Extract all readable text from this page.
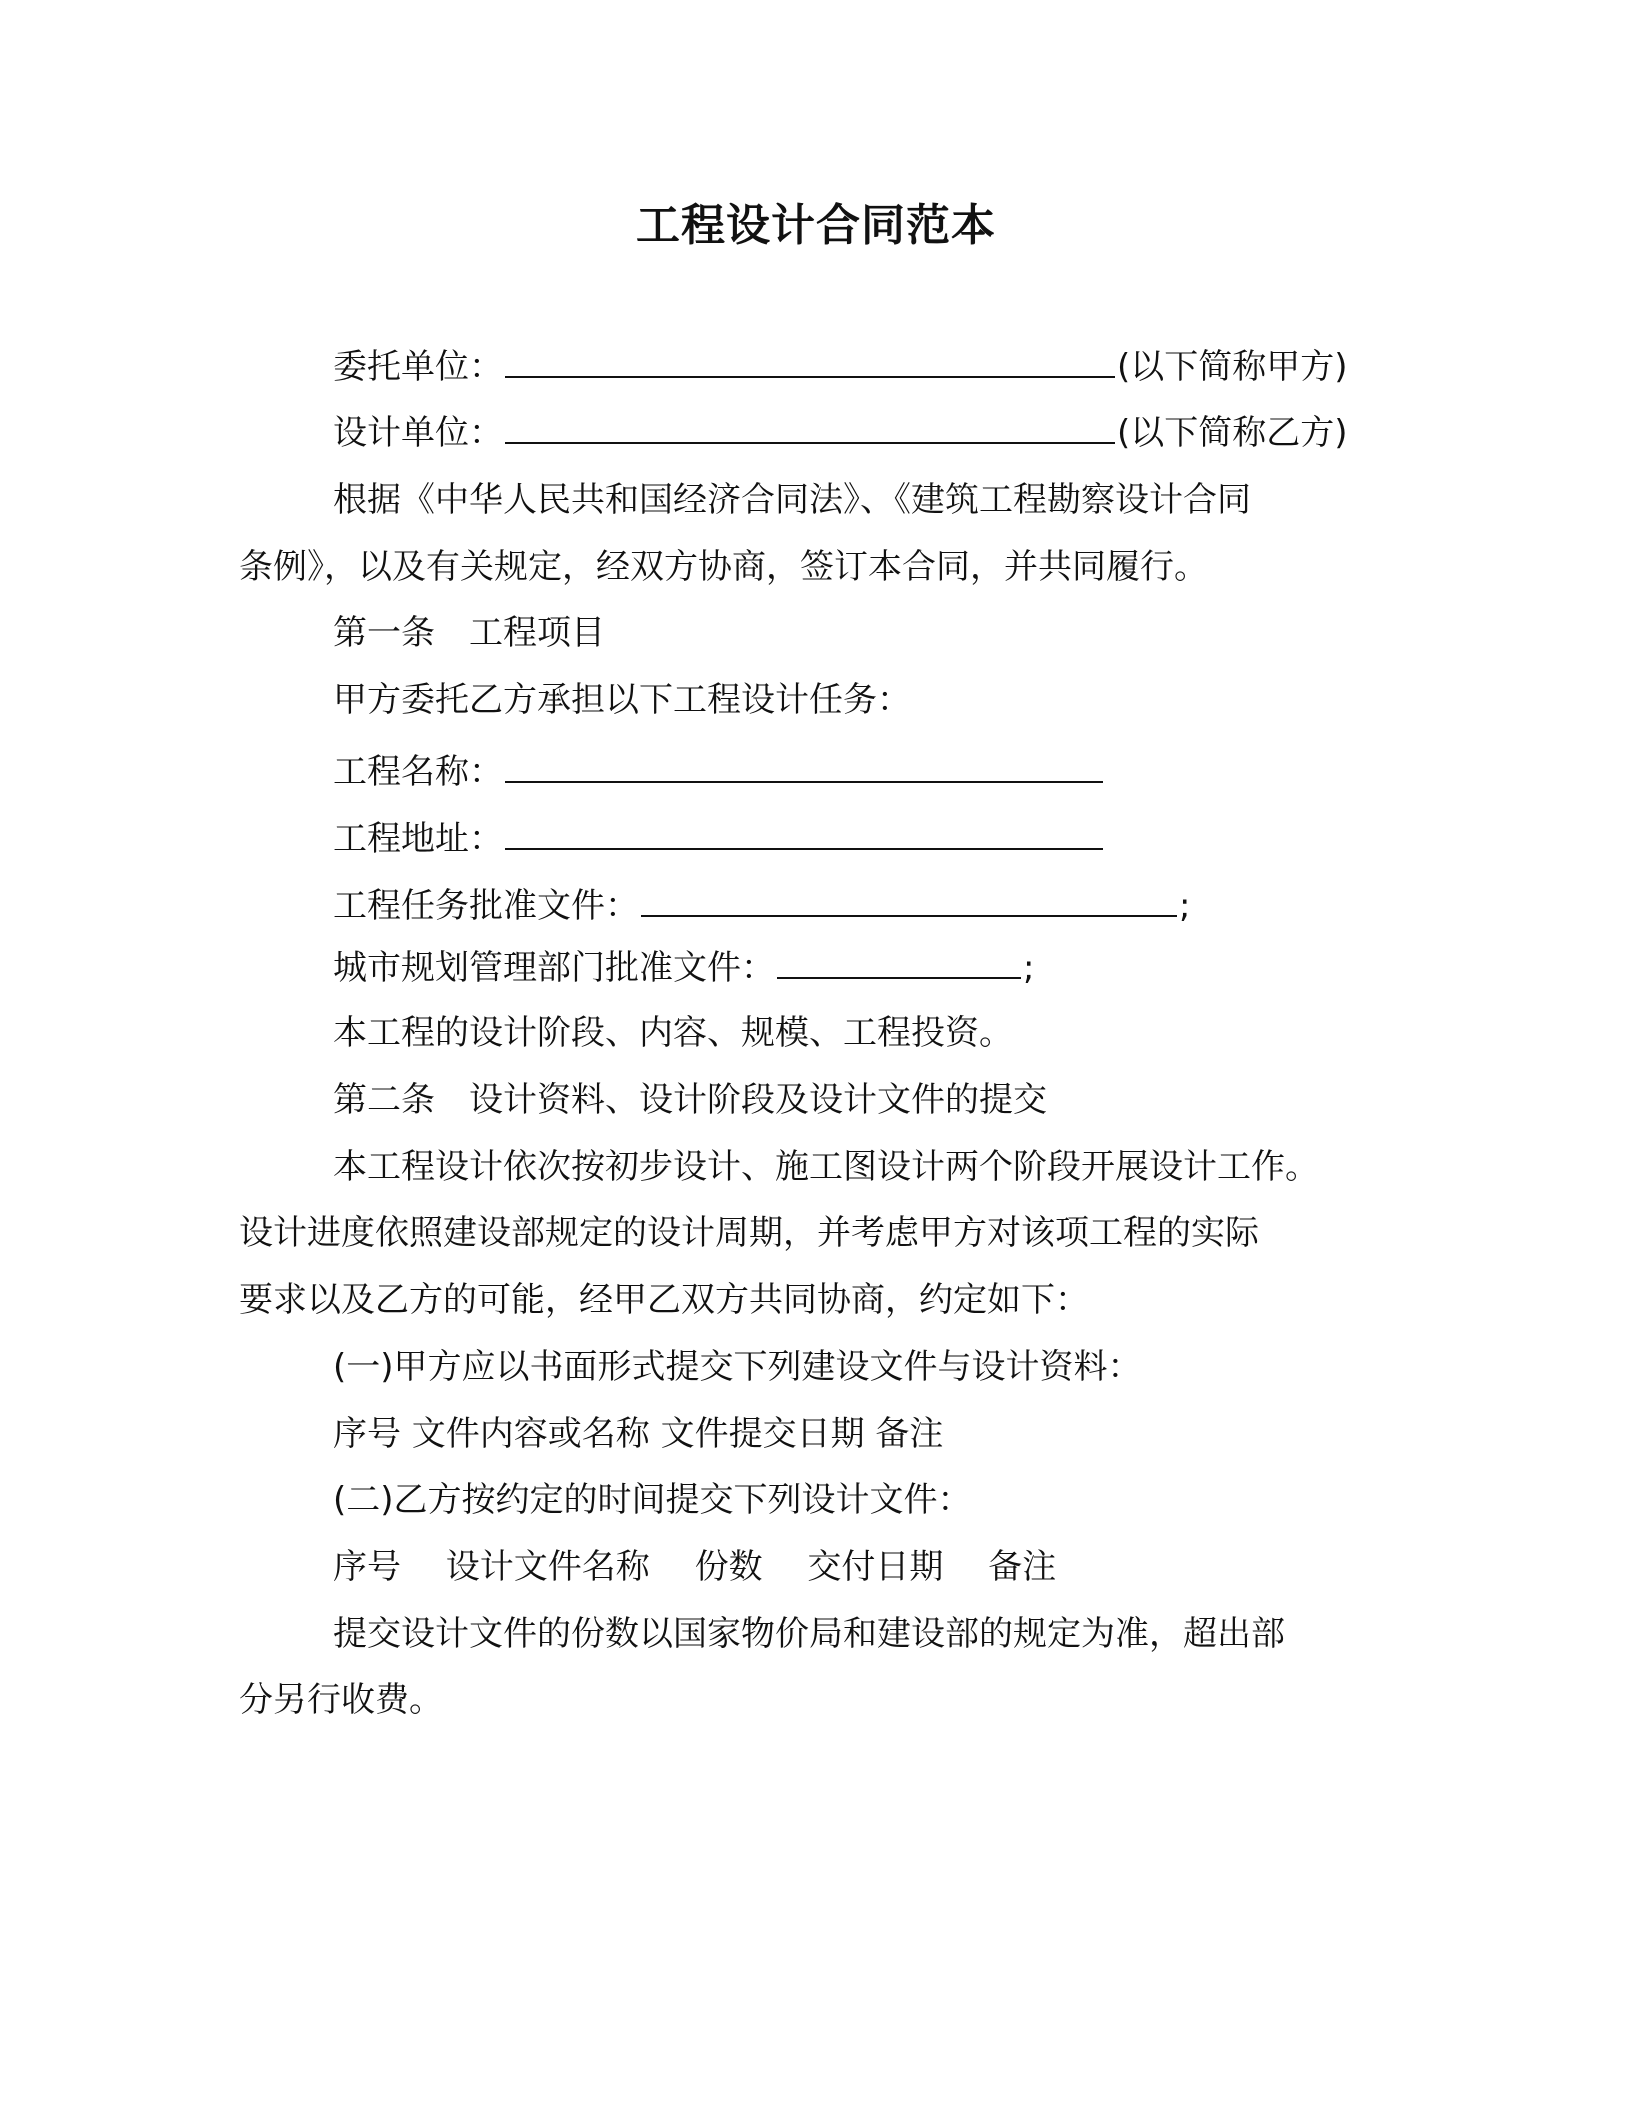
工程设计合同范本
委托单位：	(以下简称甲方)
设计单位：	(以下简称乙方)
根据《中华人民共和国经济合同法》、《建筑工程勘察设计合同
条例》，以及有关规定，经双方协商，签订本合同，并共同履行。
第一条　工程项目
甲方委托乙方承担以下工程设计任务：
工程名称：
工程地址：
工程任务批准文件：	;
城市规划管理部门批准文件：	;
本工程的设计阶段、内容、规模、工程投资。
第二条　设计资料、设计阶段及设计文件的提交
本工程设计依次按初步设计、施工图设计两个阶段开展设计工作。
设计进度依照建设部规定的设计周期，并考虑甲方对该项工程的实际
要求以及乙方的可能，经甲乙双方共同协商，约定如下：
(一)甲方应以书面形式提交下列建设文件与设计资料：
序号 文件内容或名称 文件提交日期 备注
(二)乙方按约定的时间提交下列设计文件：
序号　 设计文件名称　 份数　 交付日期　 备注
提交设计文件的份数以国家物价局和建设部的规定为准，超出部
分另行收费。
